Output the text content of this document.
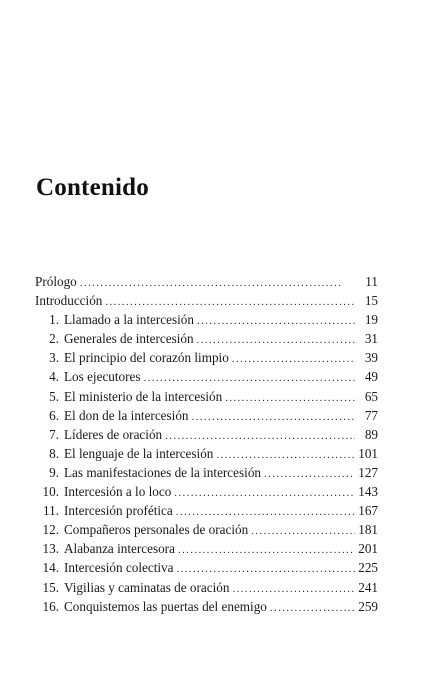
Contenido
Prólogo . . .	11
Introducción . . .	15
1. Llamado a la intercesión . . .	19
2. Generales de intercesión . . .	31
3. El principio del corazón limpio . . .	39
4. Los ejecutores . . .	49
5. El ministerio de la intercesión . . .	65
6. El don de la intercesión . . .	77
7. Líderes de oración . . .	89
8. El lenguaje de la intercesión . . .	101
9. Las manifestaciones de la intercesión . . .	127
10. Intercesión a lo loco . . .	143
11. Intercesión profética . . .	167
12. Compañeros personales de oración . . .	181
13. Alabanza intercesora . . .	201
14. Intercesión colectiva . . .	225
15. Vigilias y caminatas de oración . . .	241
16. Conquistemos las puertas del enemigo . . .	259
